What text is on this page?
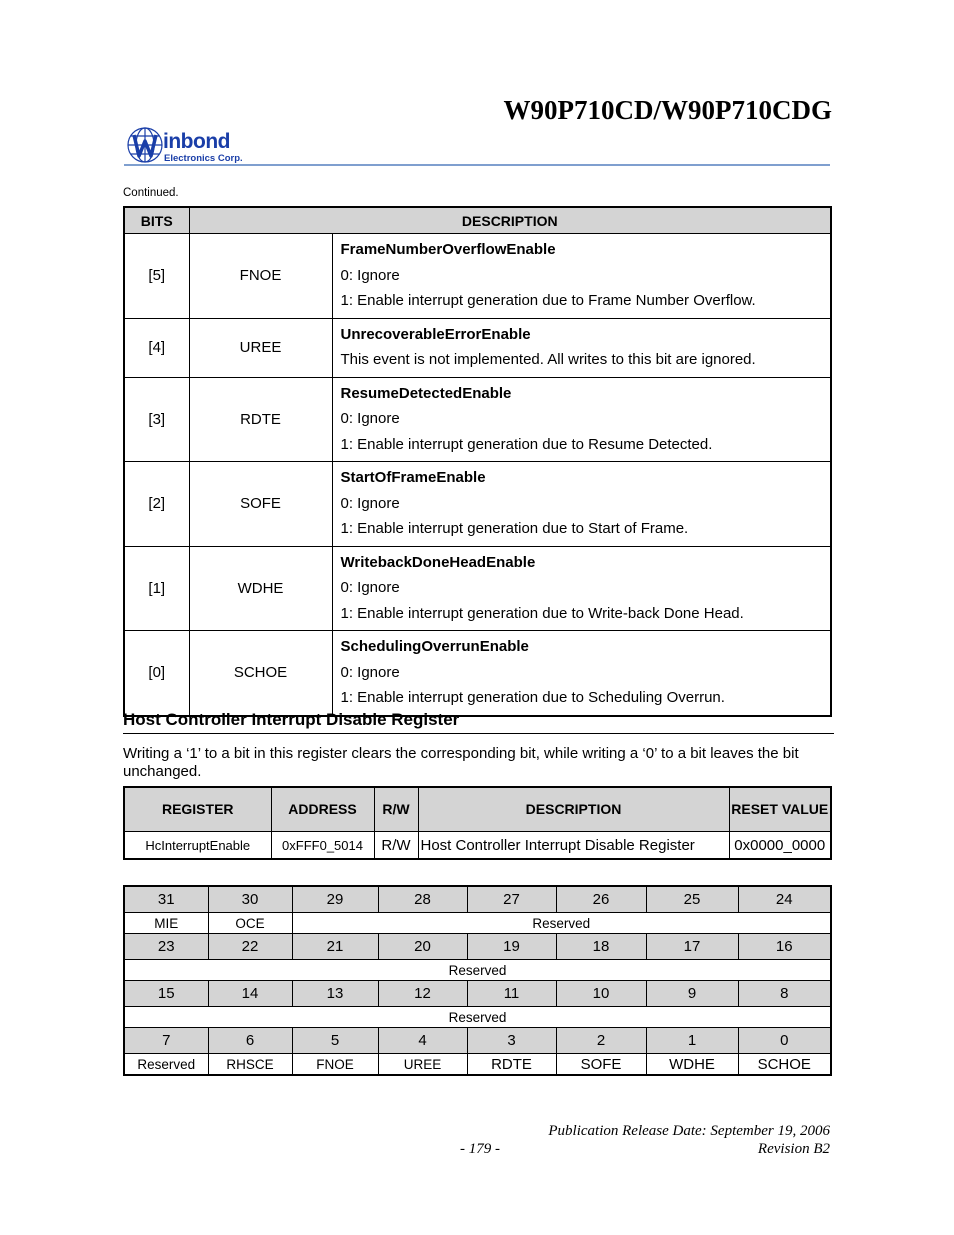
W90P710CD/W90P710CDG
inbond
Electronics Corp.
Continued.
BITS	DESCRIPTION	
[5]	FNOE	FrameNumberOverflowEnable
0: Ignore
1: Enable interrupt generation due to Frame Number Overflow.

[4]	UREE	UnrecoverableErrorEnable
This event is not implemented. All writes to this bit are ignored.

[3]	RDTE	ResumeDetectedEnable
0: Ignore
1: Enable interrupt generation due to Resume Detected.

[2]	SOFE	StartOfFrameEnable
0: Ignore
1: Enable interrupt generation due to Start of Frame.

[1]	WDHE	WritebackDoneHeadEnable
0: Ignore
1: Enable interrupt generation due to Write-back Done Head.

[0]	SCHOE	SchedulingOverrunEnable
0: Ignore
1: Enable interrupt generation due to Scheduling Overrun.
Host Controller Interrupt Disable Register
Writing a ‘1’ to a bit in this register clears the corresponding bit, while writing a ‘0’ to a bit leaves the bit unchanged.
REGISTER	ADDRESS	R/W	DESCRIPTION	RESET VALUE
HcInterruptEnable	0xFFF0_5014	R/W	Host Controller Interrupt Disable Register	0x0000_0000
31	30	29	28	27	26	25	24
MIE	OCE	Reserved					
23	22	21	20	19	18	17	16
Reserved							
15	14	13	12	11	10	9	8
Reserved							
7	6	5	4	3	2	1	0
Reserved	RHSCE	FNOE	UREE	RDTE	SOFE	WDHE	SCHOE
Publication Release Date: September 19, 2006
- 179 -	Revision B2
